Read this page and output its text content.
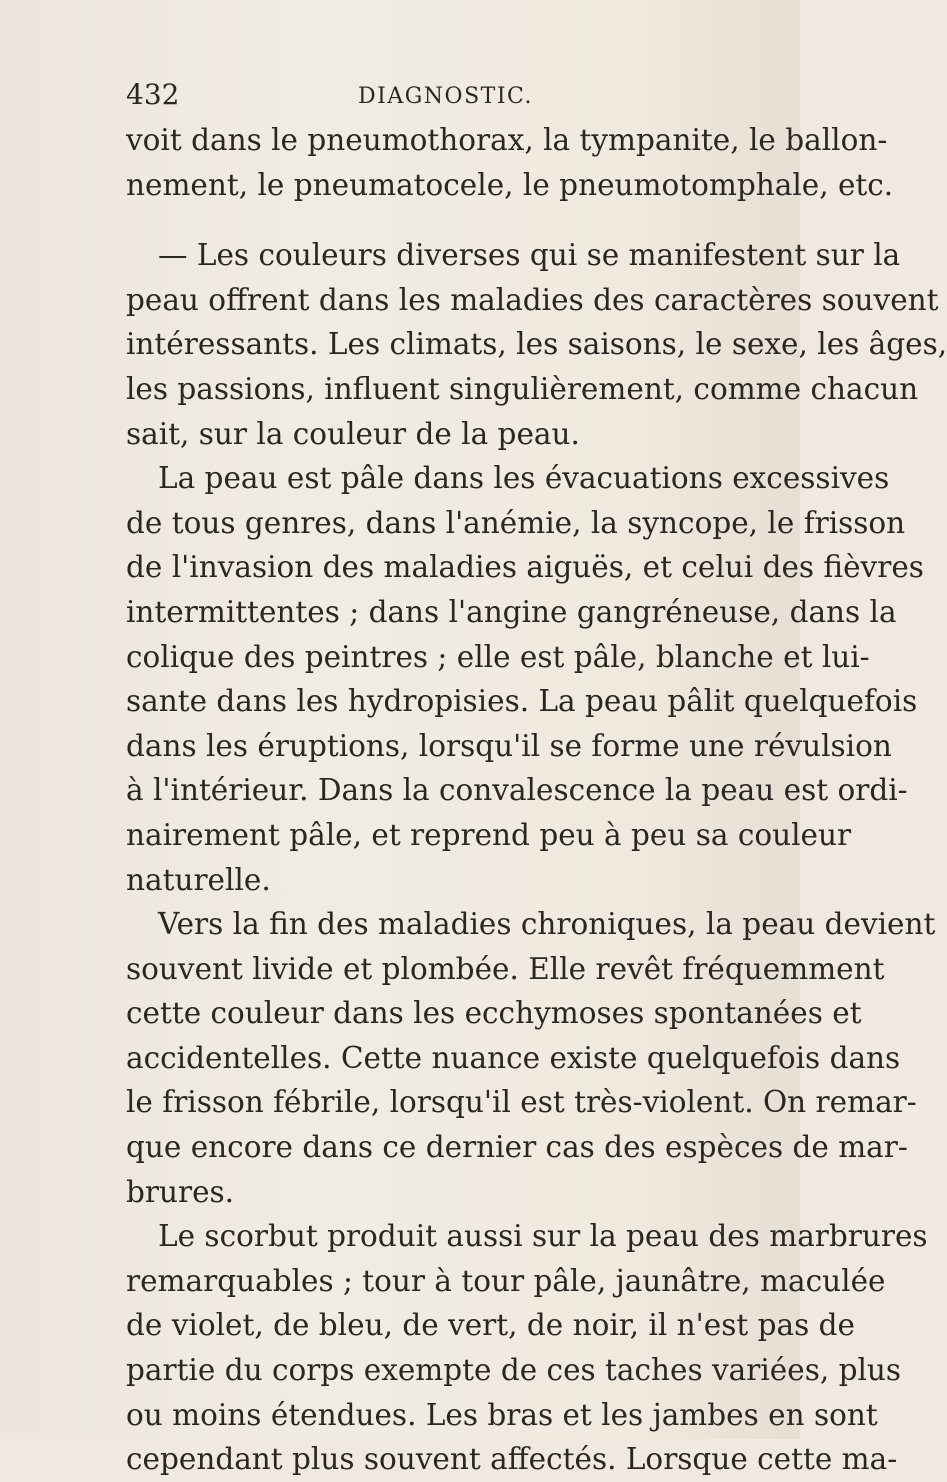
432	DIAGNOSTIC.
voit dans le pneumothorax, la tympanite, le ballon-
nement, le pneumatocele, le pneumotomphale, etc.
— Les couleurs diverses qui se manifestent sur la
peau offrent dans les maladies des caractères souvent
intéressants. Les climats, les saisons, le sexe, les âges,
les passions, influent singulièrement, comme chacun
sait, sur la couleur de la peau.
La peau est pâle dans les évacuations excessives
de tous genres, dans l'anémie, la syncope, le frisson
de l'invasion des maladies aiguës, et celui des fièvres
intermittentes ; dans l'angine gangréneuse, dans la
colique des peintres ; elle est pâle, blanche et lui-
sante dans les hydropisies. La peau pâlit quelquefois
dans les éruptions, lorsqu'il se forme une révulsion
à l'intérieur. Dans la convalescence la peau est ordi-
nairement pâle, et reprend peu à peu sa couleur
naturelle.
Vers la fin des maladies chroniques, la peau devient
souvent livide et plombée. Elle revêt fréquemment
cette couleur dans les ecchymoses spontanées et
accidentelles. Cette nuance existe quelquefois dans
le frisson fébrile, lorsqu'il est très-violent. On remar-
que encore dans ce dernier cas des espèces de mar-
brures.
Le scorbut produit aussi sur la peau des marbrures
remarquables ; tour à tour pâle, jaunâtre, maculée
de violet, de bleu, de vert, de noir, il n'est pas de
partie du corps exempte de ces taches variées, plus
ou moins étendues. Les bras et les jambes en sont
cependant plus souvent affectés. Lorsque cette ma-
